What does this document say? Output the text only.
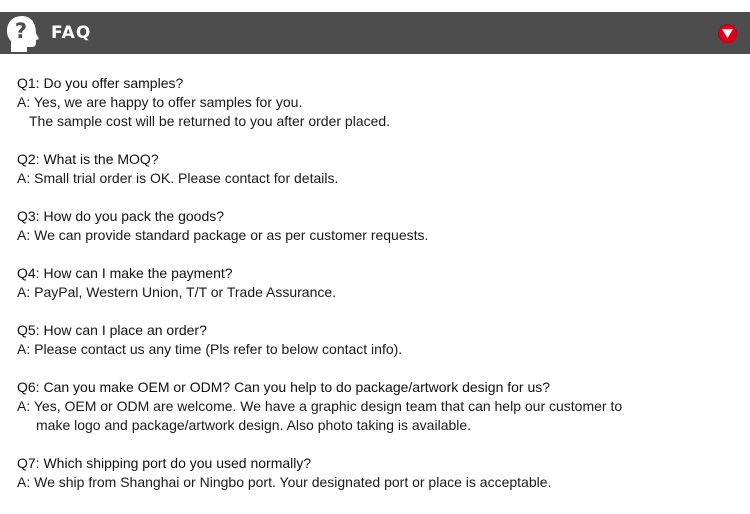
? FAQ
Q1: Do you offer samples?
A: Yes, we are happy to offer samples for you.
The sample cost will be returned to you after order placed.
Q2: What is the MOQ?
A: Small trial order is OK. Please contact for details.
Q3: How do you pack the goods?
A: We can provide standard package or as per customer requests.
Q4: How can I make the payment?
A: PayPal, Western Union, T/T or Trade Assurance.
Q5: How can I place an order?
A: Please contact us any time (Pls refer to below contact info).
Q6: Can you make OEM or ODM? Can you help to do package/artwork design for us?
A: Yes, OEM or ODM are welcome. We have a graphic design team that can help our customer to
make logo and package/artwork design. Also photo taking is available.
Q7: Which shipping port do you used normally?
A: We ship from Shanghai or Ningbo port. Your designated port or place is acceptable.
